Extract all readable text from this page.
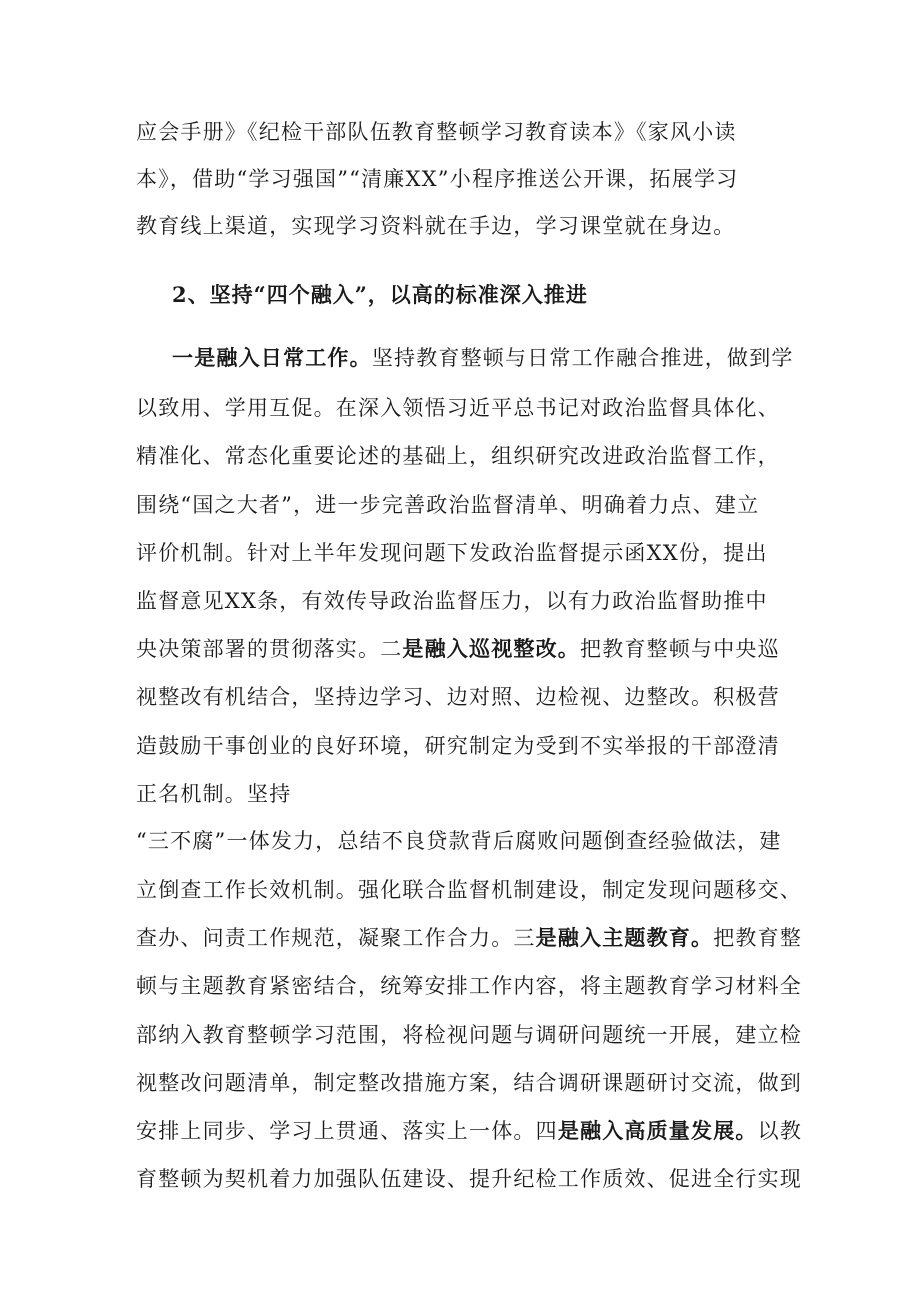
应会手册》《纪检干部队伍教育整顿学习教育读本》《家风小读
本》，借助“学习强国”“清廉XX”小程序推送公开课，拓展学习
教育线上渠道，实现学习资料就在手边，学习课堂就在身边。
2、坚持“四个融入”，以高的标准深入推进
一是融入日常工作。坚持教育整顿与日常工作融合推进，做到学
以致用、学用互促。在深入领悟习近平总书记对政治监督具体化、
精准化、常态化重要论述的基础上，组织研究改进政治监督工作，
围绕“国之大者”，进一步完善政治监督清单、明确着力点、建立
评价机制。针对上半年发现问题下发政治监督提示函XX份，提出
监督意见XX条，有效传导政治监督压力，以有力政治监督助推中
央决策部署的贯彻落实。二是融入巡视整改。把教育整顿与中央巡
视整改有机结合，坚持边学习、边对照、边检视、边整改。积极营
造鼓励干事创业的良好环境，研究制定为受到不实举报的干部澄清
正名机制。坚持
“三不腐”一体发力，总结不良贷款背后腐败问题倒查经验做法，建
立倒查工作长效机制。强化联合监督机制建设，制定发现问题移交、
查办、问责工作规范，凝聚工作合力。三是融入主题教育。把教育整
顿与主题教育紧密结合，统筹安排工作内容，将主题教育学习材料全
部纳入教育整顿学习范围，将检视问题与调研问题统一开展，建立检
视整改问题清单，制定整改措施方案，结合调研课题研讨交流，做到
安排上同步、学习上贯通、落实上一体。四是融入高质量发展。以教
育整顿为契机着力加强队伍建设、提升纪检工作质效、促进全行实现
